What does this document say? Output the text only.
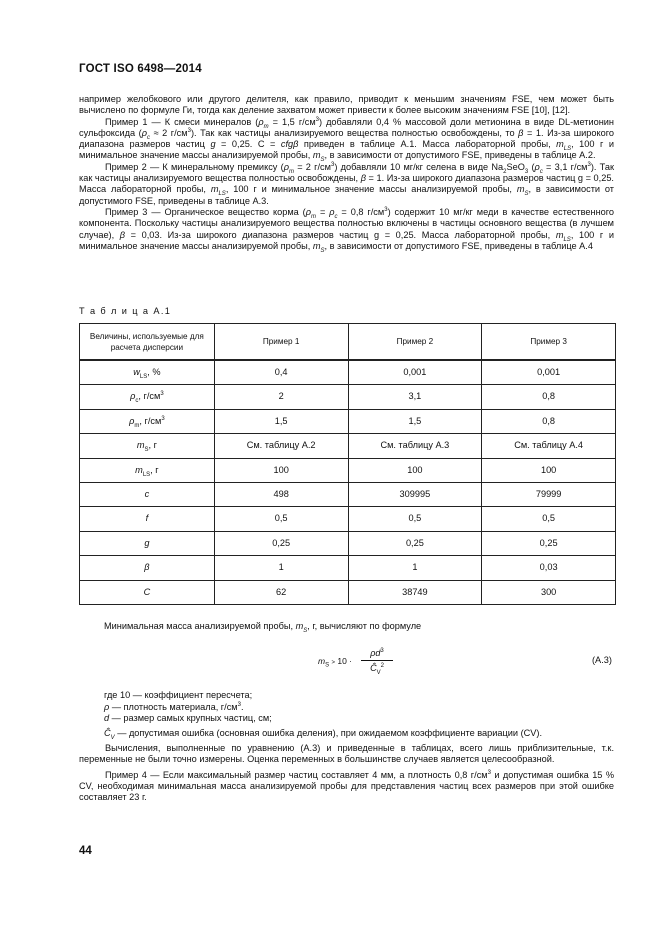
ГОСТ ISO 6498—2014

например желобкового или другого делителя, как правило, приводит к меньшим значениям FSE, чем может быть вычислено по формуле Ги, тогда как деление захватом может привести к более высоким значениям FSE [10], [12].

Пример 1 — К смеси минералов ($\rho_m = 1,5$ $г/см^3$) добавляли 0,4 % массовой доли метионина в виде DL-метионин сульфоксида ($\rho_c \approx 2$ $г/см^3$). Так как частицы анализируемого вещества полностью освобождены, то β = 1. Из-за широкого диапазона размеров частиц g = 0,25. C = cfgβ приведен в таблице А.1. Масса лабораторной пробы, $m_{LS}$, 100 г и минимальное значение массы анализируемой пробы, $m_S$, в зависимости от допустимого FSE, приведены в таблице А.2.

Пример 2 — К минеральному премиксу ($\rho_m = 2$ $г/см^3$) добавляли 10 мг/кг селена в виде $Na_2SeO_3$ ($\rho_c = 3,1$ $г/см^3$). Так как частицы анализируемого вещества полностью освобождены, β = 1. Из-за широкого диапазона размеров частиц g = 0,25. Масса лабораторной пробы, $m_{LS}$, 100 г и минимальное значение массы анализируемой пробы, $m_S$, в зависимости от допустимого FSE, приведены в таблице А.3.

Пример 3 — Органическое вещество корма ($\rho_m = \rho_c = 0,8$ $г/см^3$) содержит 10 мг/кг меди в качестве естественного компонента. Поскольку частицы анализируемого вещества полностью включены в частицы основного вещества (в лучшем случае), β = 0,03. Из-за широкого диапазона размеров частиц g = 0,25. Масса лабораторной пробы, $m_{LS}$, 100 г и минимальное значение массы анализируемой пробы, $m_S$, в зависимости от допустимого FSE, приведены в таблице А.4

Т а б л и ц а А.1
Величины, используемые для расчета дисперсии	Пример 1	Пример 2	Пример 3
$w_{LS}$, %	0,4	0,001	0,001
$\rho_c$, $г/см^3$	2	3,1	0,8
$\rho_m$, $г/см^3$	1,5	1,5	0,8
$m_S$, г	См. таблицу А.2	См. таблицу А.3	См. таблицу А.4
$m_{LS}$, г	100	100	100
c	498	309995	79999
f	0,5	0,5	0,5
g	0,25	0,25	0,25
β	1	1	0,03
C	62	38749	300
Минимальная масса анализируемой пробы, $m_S$, г, вычисляют по формуле
$m_S > 10 \cdot \frac{\rho d^3}{Ĉ_V^2}$	(А.3)
где 10 — коэффициент пересчета;
ρ — плотность материала, $г/см^3$.
d — размер самых крупных частиц, см;
$Ĉ_V$ — допустимая ошибка (основная ошибка деления), при ожидаемом коэффициенте вариации (CV).

Вычисления, выполненные по уравнению (А.3) и приведенные в таблицах, всего лишь приблизительные, т.к. переменные не были точно измерены. Оценка переменных в большинстве случаев является целесообразной.

Пример 4 — Если максимальный размер частиц составляет 4 мм, а плотность 0,8 $г/см^3$ и допустимая ошибка 15 % CV, необходимая минимальная масса анализируемой пробы для представления частиц всех размеров при этой ошибке составляет 23 г.

44
